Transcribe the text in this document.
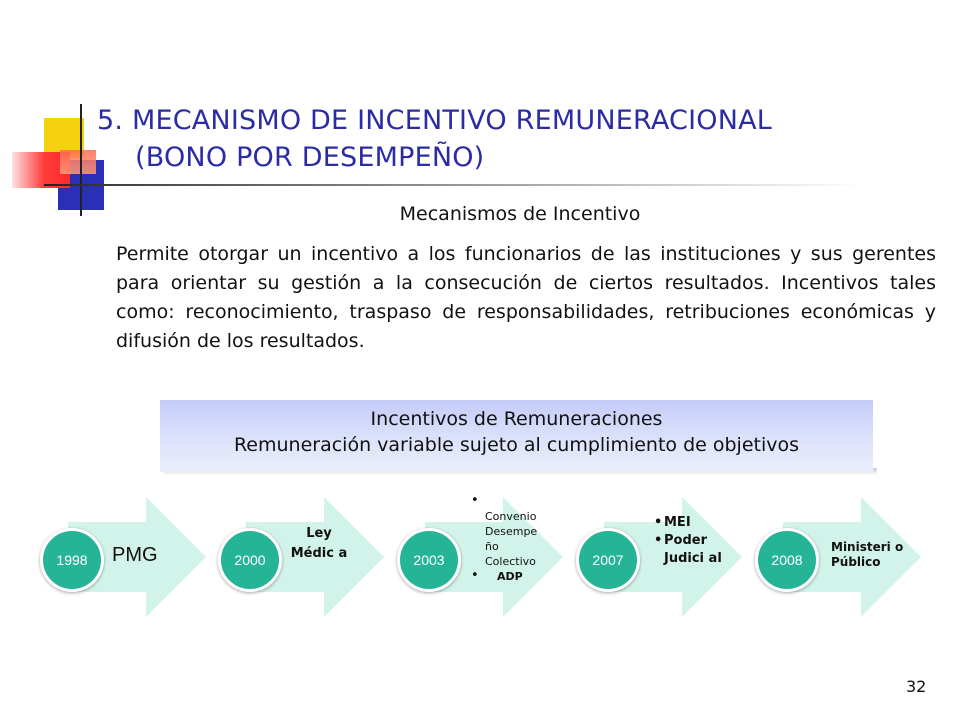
5. MECANISMO DE INCENTIVO REMUNERACIONAL
(BONO POR DESEMPEÑO)
Mecanismos de Incentivo
Permite otorgar un incentivo a los funcionarios de las instituciones y sus gerentes para orientar su gestión a la consecución de ciertos resultados. Incentivos tales como: reconocimiento, traspaso de responsabilidades, retribuciones económicas y difusión de los resultados.
Incentivos de Remuneraciones
Remuneración variable sujeto al cumplimiento de objetivos
1998	PMG	2000
Ley Médic a	2003
•

Convenio Desempe ño Colectivo
• ADP
2007
• MEI
• Poder Judici al	2008
Ministeri o Público
32
